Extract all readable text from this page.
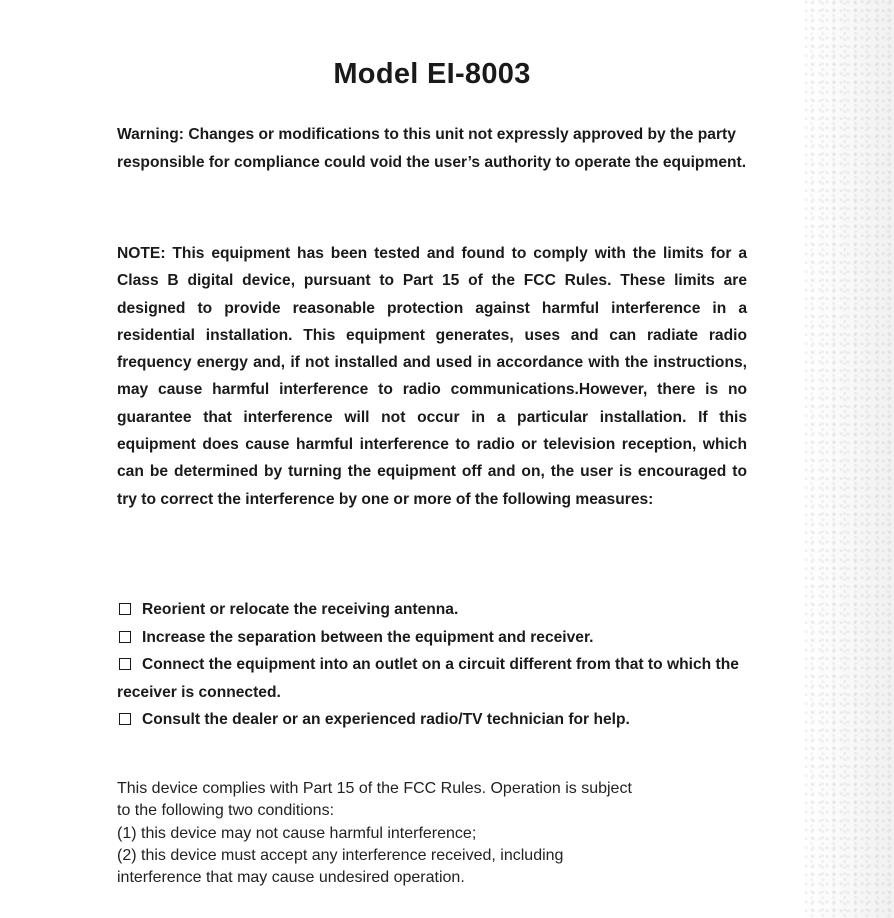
Model EI-8003

Warning: Changes or modifications to this unit not expressly approved by the party responsible for compliance could void the user’s authority to operate the equipment.

NOTE: This equipment has been tested and found to comply with the limits for a Class B digital device, pursuant to Part 15 of the FCC Rules. These limits are designed to provide reasonable protection against harmful interference in a residential installation. This equipment generates, uses and can radiate radio frequency energy and, if not installed and used in accordance with the instructions, may cause harmful interference to radio communications.However, there is no guarantee that interference will not occur in a particular installation. If this equipment does cause harmful interference to radio or television reception, which can be determined by turning the equipment off and on, the user is encouraged to try to correct the interference by one or more of the following measures:

Reorient or relocate the receiving antenna.
Increase the separation between the equipment and receiver.
Connect the equipment into an outlet on a circuit different from that to which the receiver is connected.
Consult the dealer or an experienced radio/TV technician for help.

This device complies with Part 15 of the FCC Rules. Operation is subject
to the following two conditions:
(1) this device may not cause harmful interference;
(2) this device must accept any interference received, including
interference that may cause undesired operation.
